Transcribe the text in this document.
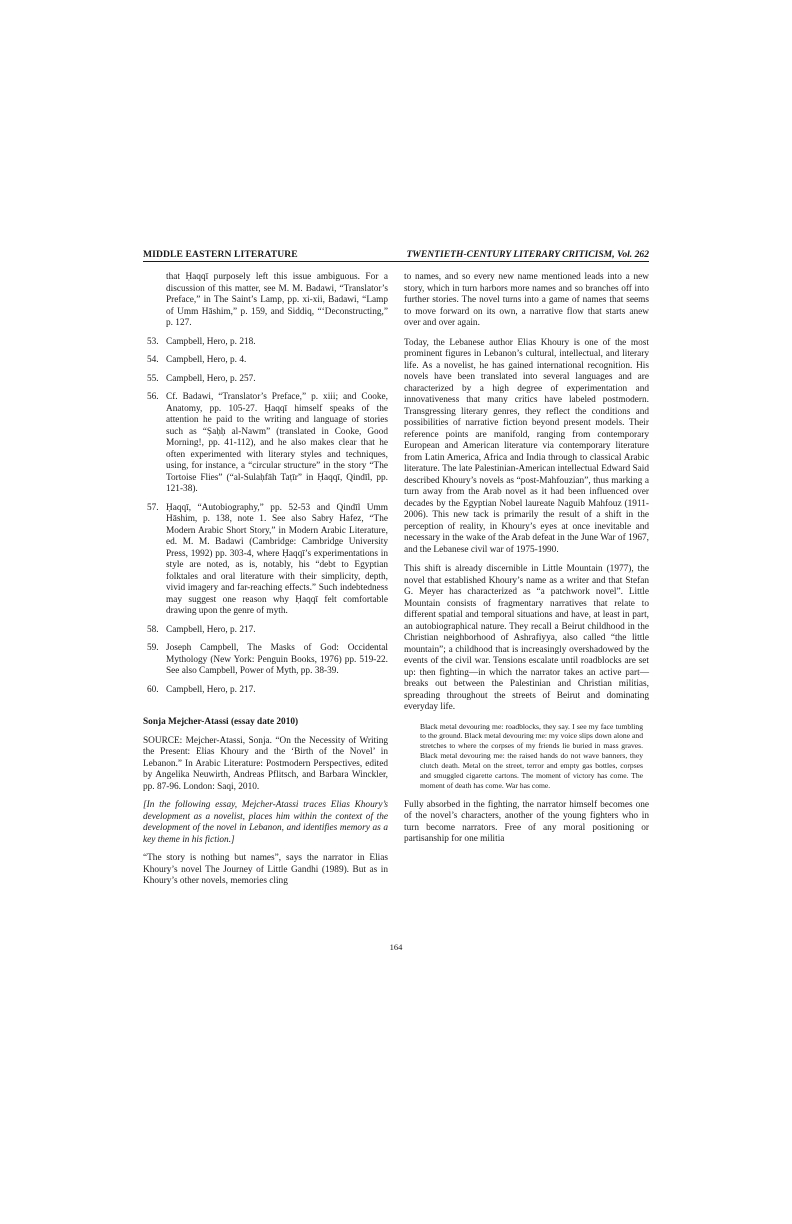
MIDDLE EASTERN LITERATURE	TWENTIETH-CENTURY LITERARY CRITICISM, Vol. 262
that Ḥaqqī purposely left this issue ambiguous. For a discussion of this matter, see M. M. Badawi, “Translator’s Preface,” in The Saint’s Lamp, pp. xi-xii, Badawi, “Lamp of Umm Hāshim,” p. 159, and Siddiq, “‘Deconstructing,” p. 127.
53. Campbell, Hero, p. 218.
54. Campbell, Hero, p. 4.
55. Campbell, Hero, p. 257.
56. Cf. Badawi, “Translator’s Preface,” p. xiii; and Cooke, Anatomy, pp. 105-27. Ḥaqqī himself speaks of the attention he paid to the writing and language of stories such as “Ṣaḥḥ al-Nawm” (translated in Cooke, Good Morning!, pp. 41-112), and he also makes clear that he often experimented with literary styles and techniques, using, for instance, a “circular structure” in the story “The Tortoise Flies” (“al-Sulaḥfāh Taṭīr” in Ḥaqqī, Qindīl, pp. 121-38).
57. Ḥaqqī, “Autobiography,” pp. 52-53 and Qindīl Umm Hāshim, p. 138, note 1. See also Sabry Hafez, “The Modern Arabic Short Story,” in Modern Arabic Literature, ed. M. M. Badawi (Cambridge: Cambridge University Press, 1992) pp. 303-4, where Ḥaqqī’s experimentations in style are noted, as is, notably, his “debt to Egyptian folktales and oral literature with their simplicity, depth, vivid imagery and far-reaching effects.” Such indebtedness may suggest one reason why Ḥaqqī felt comfortable drawing upon the genre of myth.
58. Campbell, Hero, p. 217.
59. Joseph Campbell, The Masks of God: Occidental Mythology (New York: Penguin Books, 1976) pp. 519-22. See also Campbell, Power of Myth, pp. 38-39.
60. Campbell, Hero, p. 217.
Sonja Mejcher-Atassi (essay date 2010)

SOURCE: Mejcher-Atassi, Sonja. “On the Necessity of Writing the Present: Elias Khoury and the ‘Birth of the Novel’ in Lebanon.” In Arabic Literature: Postmodern Perspectives, edited by Angelika Neuwirth, Andreas Pflitsch, and Barbara Winckler, pp. 87-96. London: Saqi, 2010.

[In the following essay, Mejcher-Atassi traces Elias Khoury’s development as a novelist, places him within the context of the development of the novel in Lebanon, and identifies memory as a key theme in his fiction.]

“The story is nothing but names”, says the narrator in Elias Khoury’s novel The Journey of Little Gandhi (1989). But as in Khoury’s other novels, memories cling

to names, and so every new name mentioned leads into a new story, which in turn harbors more names and so branches off into further stories. The novel turns into a game of names that seems to move forward on its own, a narrative flow that starts anew over and over again.

Today, the Lebanese author Elias Khoury is one of the most prominent figures in Lebanon’s cultural, intellectual, and literary life. As a novelist, he has gained international recognition. His novels have been translated into several languages and are characterized by a high degree of experimentation and innovativeness that many critics have labeled postmodern. Transgressing literary genres, they reflect the conditions and possibilities of narrative fiction beyond present models. Their reference points are manifold, ranging from contemporary European and American literature via contemporary literature from Latin America, Africa and India through to classical Arabic literature. The late Palestinian-American intellectual Edward Said described Khoury’s novels as “post-Mahfouzian”, thus marking a turn away from the Arab novel as it had been influenced over decades by the Egyptian Nobel laureate Naguib Mahfouz (1911-2006). This new tack is primarily the result of a shift in the perception of reality, in Khoury’s eyes at once inevitable and necessary in the wake of the Arab defeat in the June War of 1967, and the Lebanese civil war of 1975-1990.

This shift is already discernible in Little Mountain (1977), the novel that established Khoury’s name as a writer and that Stefan G. Meyer has characterized as “a patchwork novel”. Little Mountain consists of fragmentary narratives that relate to different spatial and temporal situations and have, at least in part, an autobiographical nature. They recall a Beirut childhood in the Christian neighborhood of Ashrafiyya, also called “the little mountain”; a childhood that is increasingly overshadowed by the events of the civil war. Tensions escalate until roadblocks are set up: then fighting—in which the narrator takes an active part—breaks out between the Palestinian and Christian militias, spreading throughout the streets of Beirut and dominating everyday life.

Black metal devouring me: roadblocks, they say. I see my face tumbling to the ground. Black metal devouring me: my voice slips down alone and stretches to where the corpses of my friends lie buried in mass graves. Black metal devouring me: the raised hands do not wave banners, they clutch death. Metal on the street, terror and empty gas bottles, corpses and smuggled cigarette cartons. The moment of victory has come. The moment of death has come. War has come.

Fully absorbed in the fighting, the narrator himself becomes one of the novel’s characters, another of the young fighters who in turn become narrators. Free of any moral positioning or partisanship for one militia

164
